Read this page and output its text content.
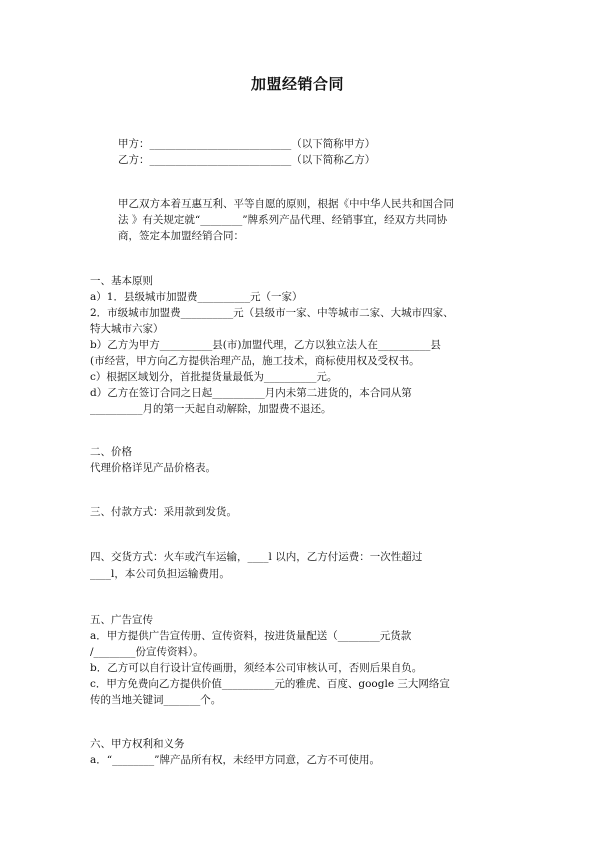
加盟经销合同
甲方：___________________________（以下简称甲方）
乙方：___________________________（以下简称乙方）
甲乙双方本着互惠互利、平等自愿的原则，根据《中中华人民共和国合同
法 》有关规定就“________”牌系列产品代理、经销事宜，经双方共同协
商，签定本加盟经销合同：
一、基本原则
a）1．县级城市加盟费__________元（一家）
2．市级城市加盟费__________元（县级市一家、中等城市二家、大城市四家、
特大城市六家）
b）乙方为甲方__________县(市)加盟代理，乙方以独立法人在__________县
(市经营，甲方向乙方提供治理产品，施工技术，商标使用权及受权书。
c）根据区域划分，首批提货量最低为__________元。
d）乙方在签订合同之日起__________月内未第二进货的，本合同从第
__________月的第一天起自动解除，加盟费不退还。
二、价格
代理价格详见产品价格表。
三、付款方式：采用款到发货。
四、交货方式：火车或汽车运输，____l 以内，乙方付运费：一次性超过
____l，本公司负担运输费用。
五、广告宣传
a．甲方提供广告宣传册、宣传资料，按进货量配送（________元货款
/________份宣传资料）。
b．乙方可以自行设计宣传画册，须经本公司审核认可，否则后果自负。
c．甲方免费向乙方提供价值__________元的雅虎、百度、google 三大网络宣
传的当地关键词_______个。
六、甲方权利和义务
a．“________”牌产品所有权，未经甲方同意，乙方不可使用。
